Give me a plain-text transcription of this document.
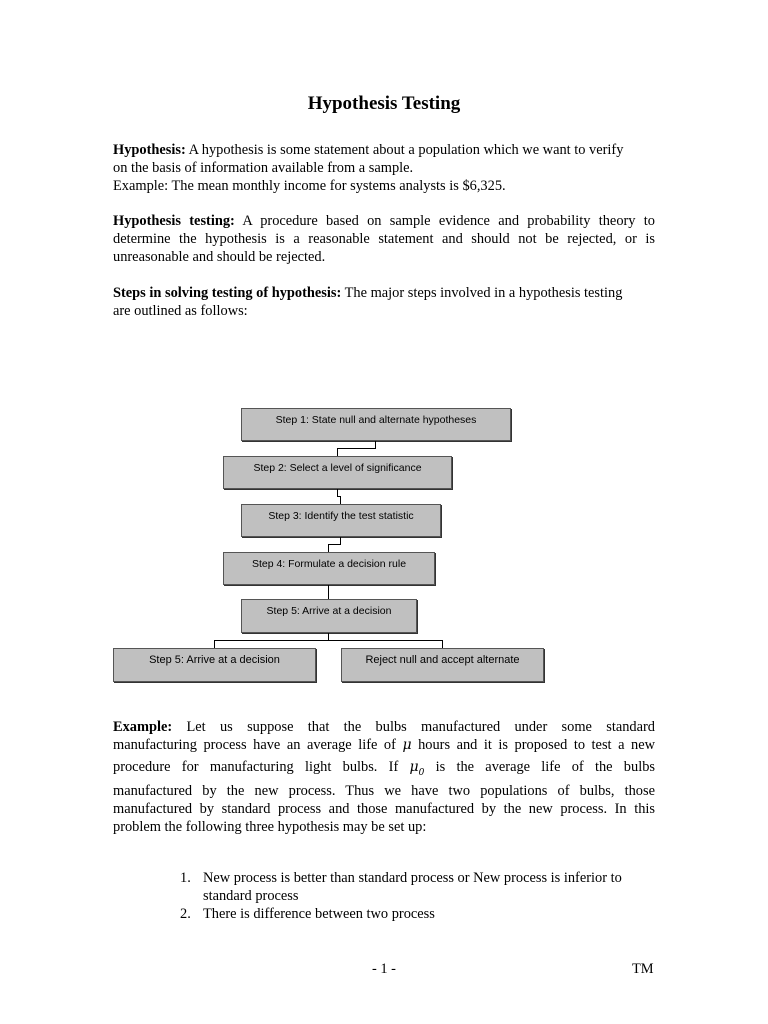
Hypothesis Testing
Hypothesis: A hypothesis is some statement about a population which we want to verify
on the basis of information available from a sample.
Example: The mean monthly income for systems analysts is $6,325.
Hypothesis testing: A procedure based on sample evidence and probability theory to
determine the hypothesis is a reasonable statement and should not be rejected, or is
unreasonable and should be rejected.
Steps in solving testing of hypothesis: The major steps involved in a hypothesis testing
are outlined as follows:
Step 1: State null and alternate hypotheses
Step 2: Select a level of significance
Step 3: Identify the test statistic
Step 4: Formulate a decision rule
Step 5: Arrive at a decision
Step 5: Arrive at a decision	Reject null and accept alternate
Example: Let us suppose that the bulbs manufactured under some standard
manufacturing process have an average life of μ hours and it is proposed to test a new
procedure for manufacturing light bulbs. If $\mu_0$ is the average life of the bulbs
manufactured by the new process. Thus we have two populations of bulbs, those
manufactured by standard process and those manufactured by the new process. In this
problem the following three hypothesis may be set up:
1. New process is better than standard process or New process is inferior to standard process
2. There is difference between two process
- 1 -	TM
